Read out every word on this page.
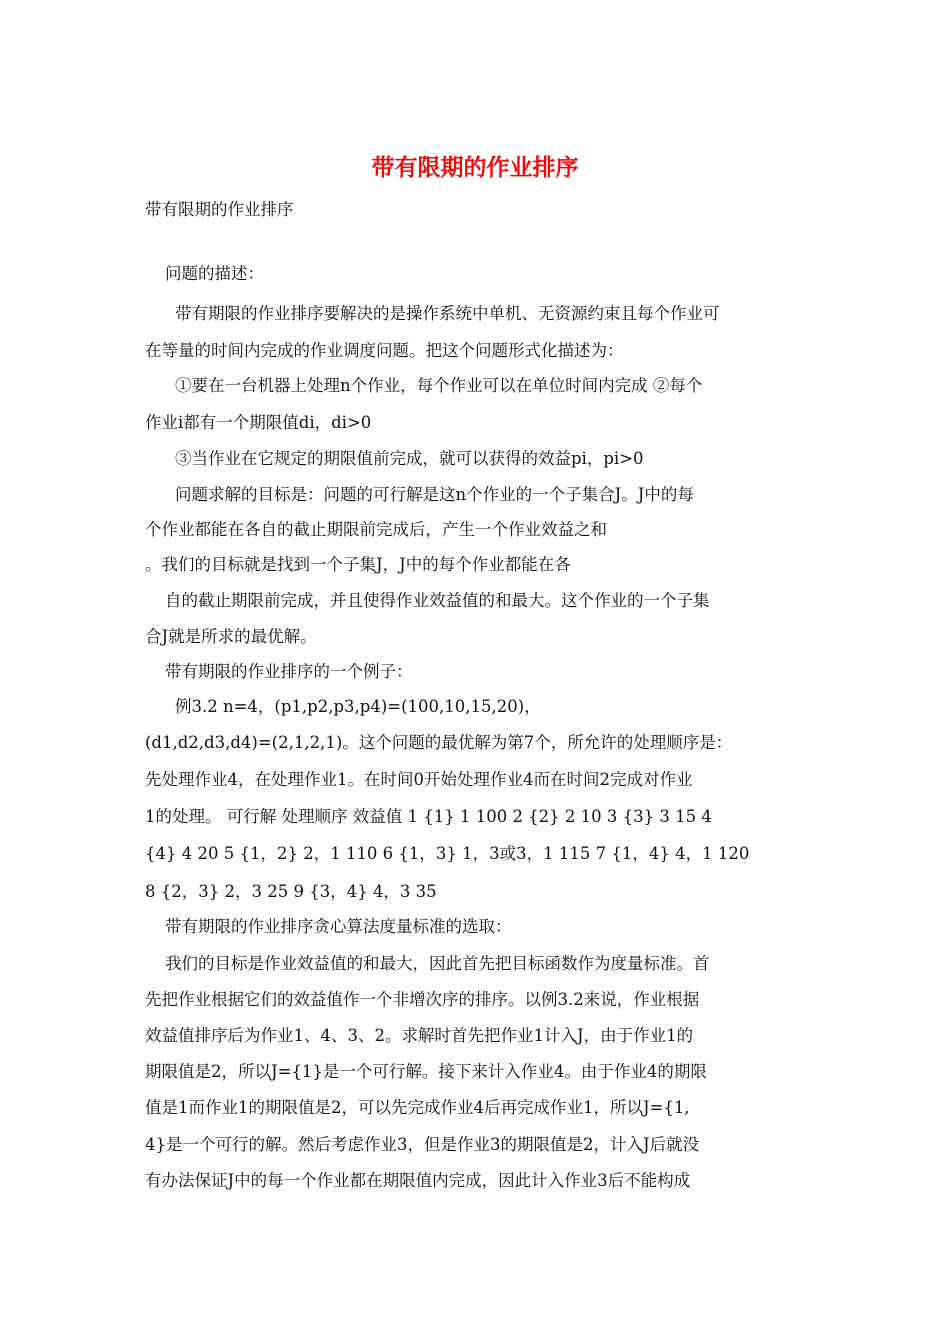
带有限期的作业排序
带有限期的作业排序
问题的描述：
带有期限的作业排序要解决的是操作系统中单机、无资源约束且每个作业可
在等量的时间内完成的作业调度问题。把这个问题形式化描述为：
①要在一台机器上处理n个作业，每个作业可以在单位时间内完成 ②每个
作业i都有一个期限值di，di>0
③当作业在它规定的期限值前完成，就可以获得的效益pi，pi>0
问题求解的目标是：问题的可行解是这n个作业的一个子集合J。J中的每
个作业都能在各自的截止期限前完成后，产生一个作业效益之和
。我们的目标就是找到一个子集J，J中的每个作业都能在各
自的截止期限前完成，并且使得作业效益值的和最大。这个作业的一个子集
合J就是所求的最优解。
带有期限的作业排序的一个例子：
例3.2 n=4，(p1,p2,p3,p4)=(100,10,15,20)，
(d1,d2,d3,d4)=(2,1,2,1)。这个问题的最优解为第7个，所允许的处理顺序是：
先处理作业4，在处理作业1。在时间0开始处理作业4而在时间2完成对作业
1的处理。 可行解 处理顺序 效益值 1 {1} 1 100 2 {2} 2 10 3 {3} 3 15 4
{4} 4 20 5 {1，2} 2，1 110 6 {1，3} 1，3或3，1 115 7 {1，4} 4，1 120
8 {2，3} 2，3 25 9 {3，4} 4，3 35
带有期限的作业排序贪心算法度量标准的选取：
我们的目标是作业效益值的和最大，因此首先把目标函数作为度量标准。首
先把作业根据它们的效益值作一个非增次序的排序。以例3.2来说，作业根据
效益值排序后为作业1、4、3、2。求解时首先把作业1计入J，由于作业1的
期限值是2，所以J={1}是一个可行解。接下来计入作业4。由于作业4的期限
值是1而作业1的期限值是2，可以先完成作业4后再完成作业1，所以J={1,
4}是一个可行的解。然后考虑作业3，但是作业3的期限值是2，计入J后就没
有办法保证J中的每一个作业都在期限值内完成，因此计入作业3后不能构成
